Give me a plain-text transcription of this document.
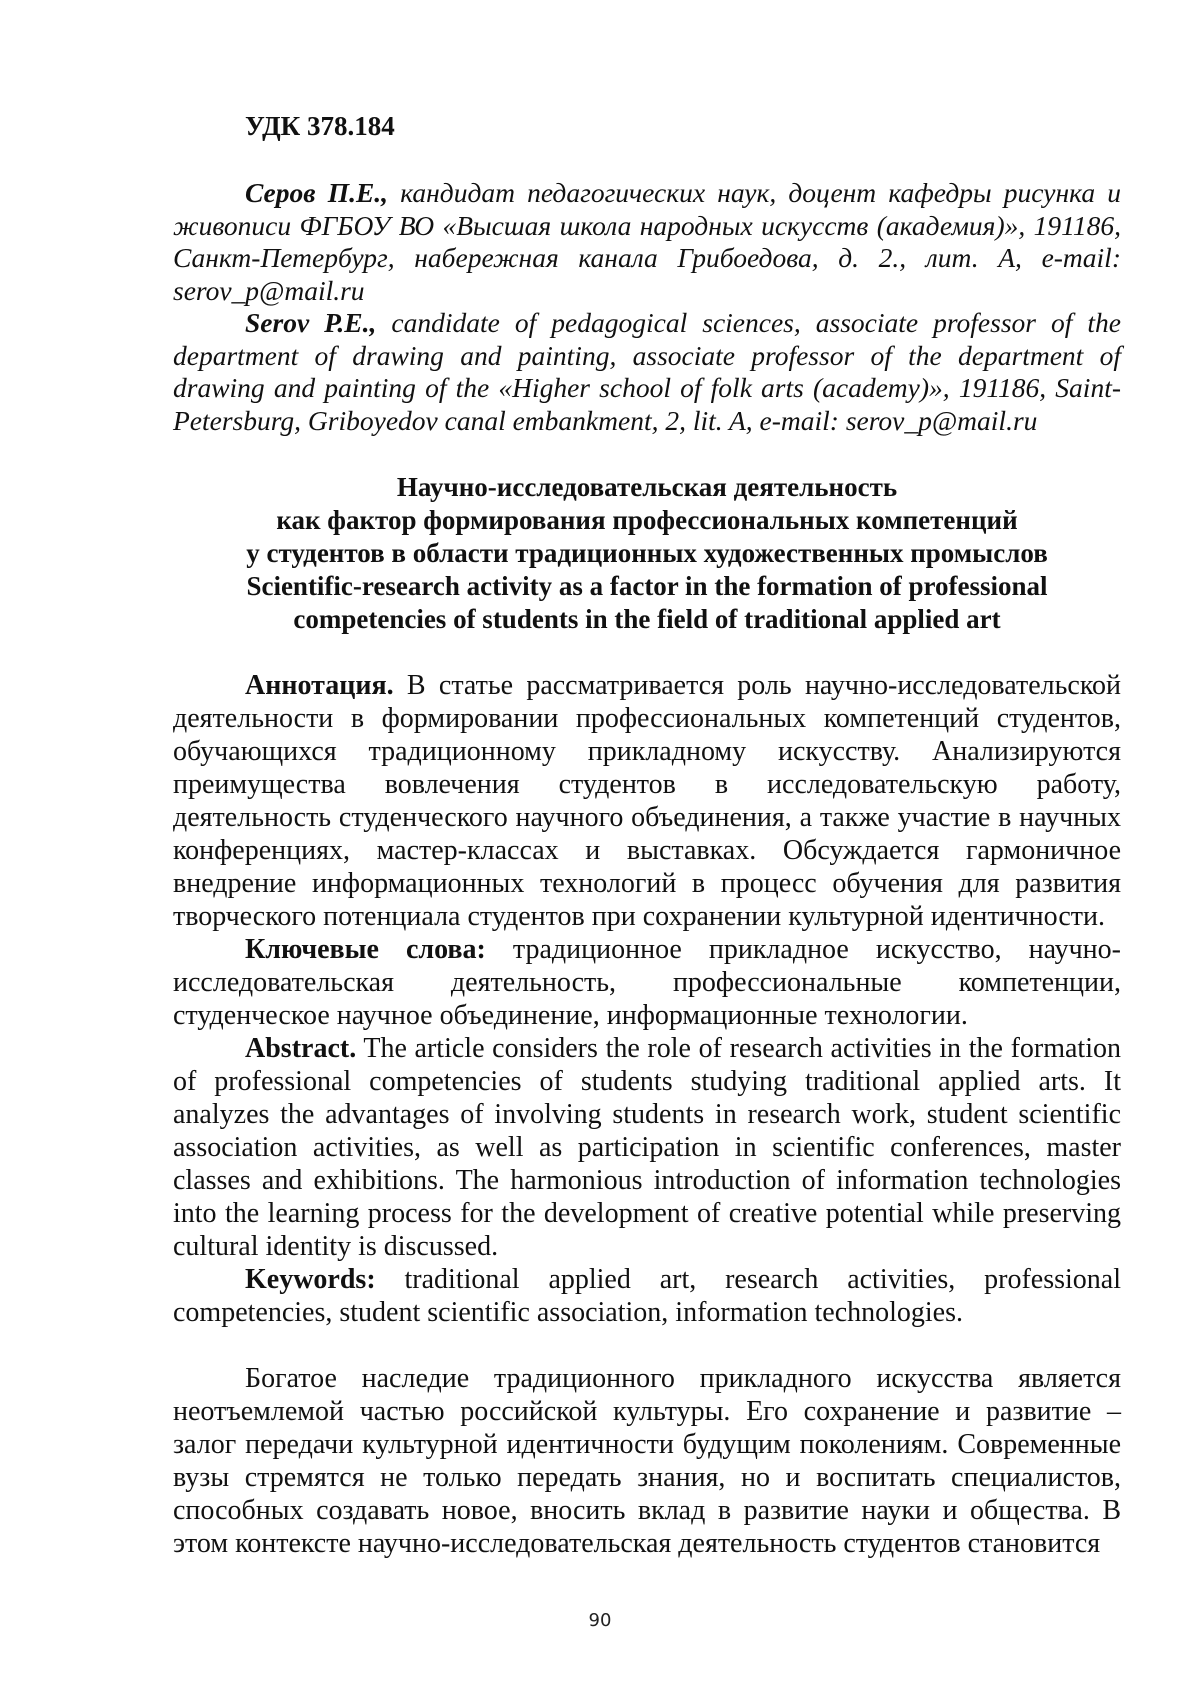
УДК 378.184

Серов П.Е., кандидат педагогических наук, доцент кафедры рисунка и живописи ФГБОУ ВО «Высшая школа народных искусств (академия)», 191186, Санкт-Петербург, набережная канала Грибоедова, д. 2., лит. А, e-mail: serov_p@mail.ru

Serov P.E., candidate of pedagogical sciences, associate professor of the department of drawing and painting, associate professor of the department of drawing and painting of the «Higher school of folk arts (academy)», 191186, Saint-Petersburg, Griboyedov canal embankment, 2, lit. A, e-mail: serov_p@mail.ru

Научно-исследовательская деятельность
как фактор формирования профессиональных компетенций
у студентов в области традиционных художественных промыслов
Scientific-research activity as a factor in the formation of professional
competencies of students in the field of traditional applied art

Аннотация. В статье рассматривается роль научно-исследовательской деятельности в формировании профессиональных компетенций студентов, обучающихся традиционному прикладному искусству. Анализируются преимущества вовлечения студентов в исследовательскую работу, деятельность студенческого научного объединения, а также участие в научных конференциях, мастер-классах и выставках. Обсуждается гармоничное внедрение информационных технологий в процесс обучения для развития творческого потенциала студентов при сохранении культурной идентичности.

Ключевые слова: традиционное прикладное искусство, научно-исследовательская деятельность, профессиональные компетенции, студенческое научное объединение, информационные технологии.

Abstract. The article considers the role of research activities in the formation of professional competencies of students studying traditional applied arts. It analyzes the advantages of involving students in research work, student scientific association activities, as well as participation in scientific conferences, master classes and exhibitions. The harmonious introduction of information technologies into the learning process for the development of creative potential while preserving cultural identity is discussed.

Keywords: traditional applied art, research activities, professional competencies, student scientific association, information technologies.

Богатое наследие традиционного прикладного искусства является неотъемлемой частью российской культуры. Его сохранение и развитие – залог передачи культурной идентичности будущим поколениям. Современные вузы стремятся не только передать знания, но и воспитать специалистов, способных создавать новое, вносить вклад в развитие науки и общества. В этом контексте научно-исследовательская деятельность студентов становится

90
